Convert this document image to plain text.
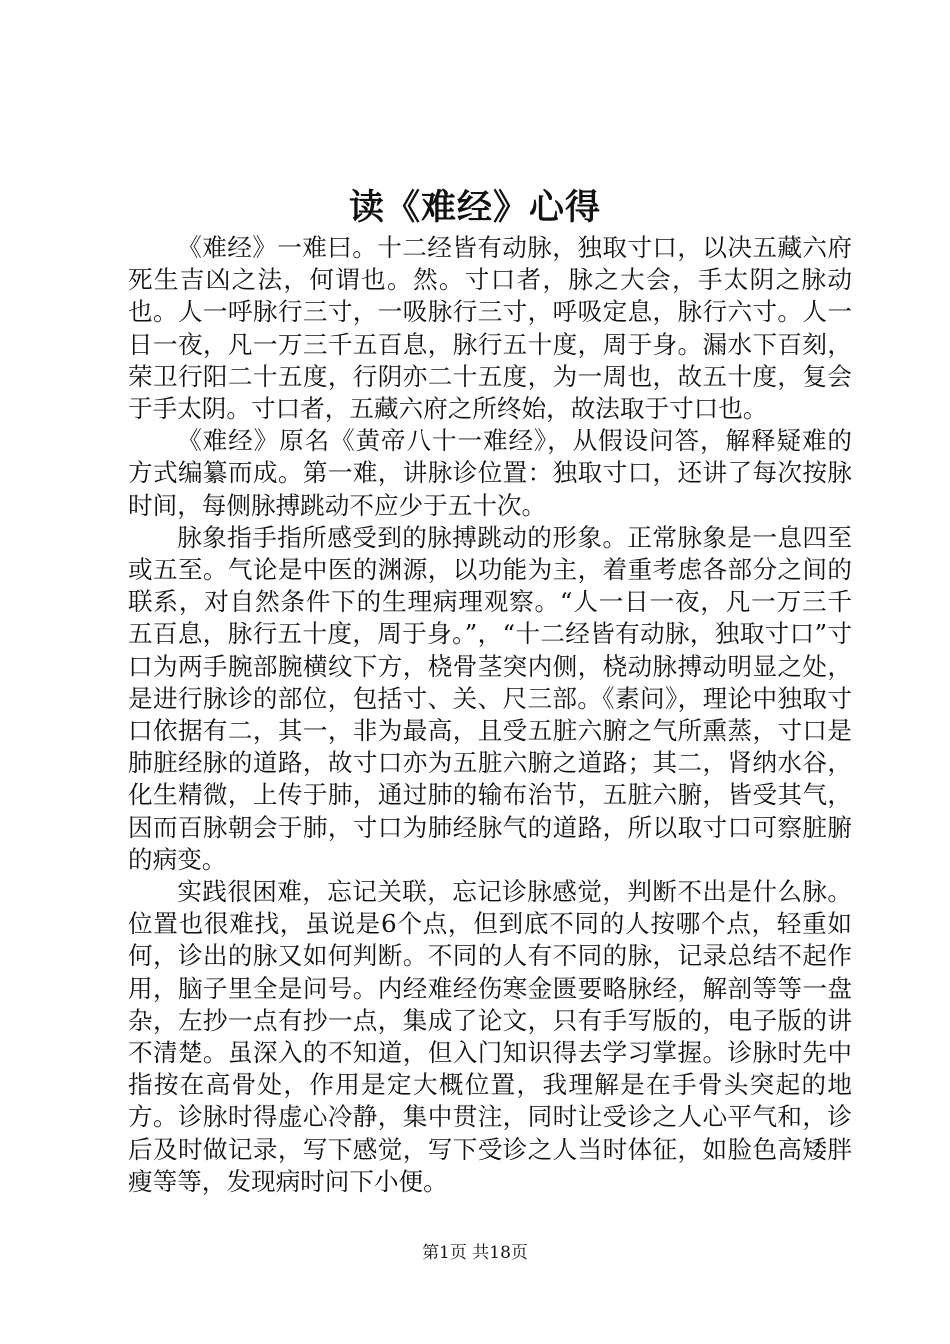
读《难经》心得

《难经》一难曰。十二经皆有动脉，独取寸口，以决五藏六府死生吉凶之法，何谓也。然。寸口者，脉之大会，手太阴之脉动也。人一呼脉行三寸，一吸脉行三寸，呼吸定息，脉行六寸。人一日一夜，凡一万三千五百息，脉行五十度，周于身。漏水下百刻，荣卫行阳二十五度，行阴亦二十五度，为一周也，故五十度，复会于手太阴。寸口者，五藏六府之所终始，故法取于寸口也。

《难经》原名《黄帝八十一难经》，从假设问答，解释疑难的方式编纂而成。第一难，讲脉诊位置：独取寸口，还讲了每次按脉时间，每侧脉搏跳动不应少于五十次。

脉象指手指所感受到的脉搏跳动的形象。正常脉象是一息四至或五至。气论是中医的渊源，以功能为主，着重考虑各部分之间的联系，对自然条件下的生理病理观察。“人一日一夜，凡一万三千五百息，脉行五十度，周于身。”，“十二经皆有动脉，独取寸口”寸口为两手腕部腕横纹下方，桡骨茎突内侧，桡动脉搏动明显之处，是进行脉诊的部位，包括寸、关、尺三部。《素问》，理论中独取寸口依据有二，其一，非为最高，且受五脏六腑之气所熏蒸，寸口是肺脏经脉的道路，故寸口亦为五脏六腑之道路；其二，肾纳水谷，化生精微，上传于肺，通过肺的输布治节，五脏六腑，皆受其气，因而百脉朝会于肺，寸口为肺经脉气的道路，所以取寸口可察脏腑的病变。

实践很困难，忘记关联，忘记诊脉感觉，判断不出是什么脉。位置也很难找，虽说是6个点，但到底不同的人按哪个点，轻重如何，诊出的脉又如何判断。不同的人有不同的脉，记录总结不起作用，脑子里全是问号。内经难经伤寒金匮要略脉经，解剖等等一盘杂，左抄一点有抄一点，集成了论文，只有手写版的，电子版的讲不清楚。虽深入的不知道，但入门知识得去学习掌握。诊脉时先中指按在高骨处，作用是定大概位置，我理解是在手骨头突起的地方。诊脉时得虚心冷静，集中贯注，同时让受诊之人心平气和，诊后及时做记录，写下感觉，写下受诊之人当时体征，如脸色高矮胖瘦等等，发现病时问下小便。

第1页 共18页
